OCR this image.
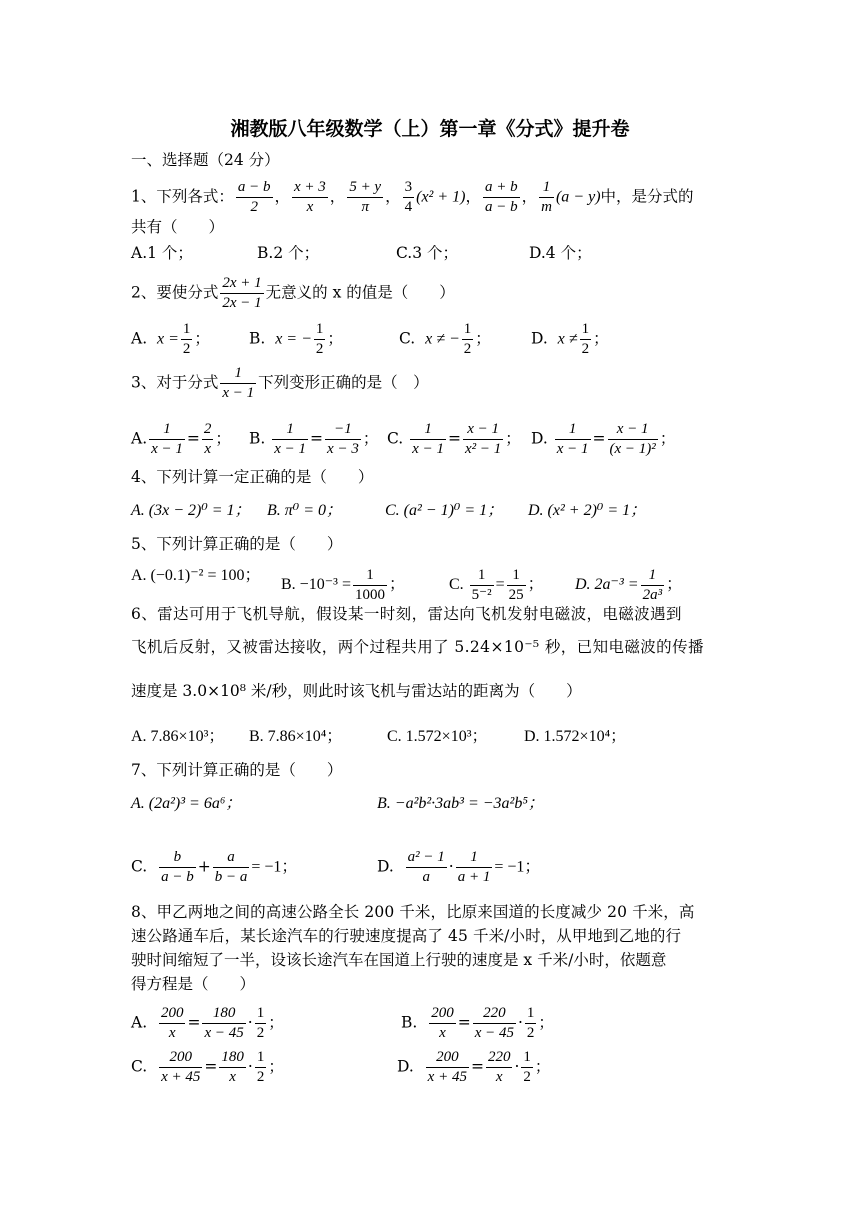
湘教版八年级数学（上）第一章《分式》提升卷
一、选择题（24 分）
1、下列各式： $\frac{a - b}{2}$ ， $\frac{x + 3}{x}$ ， $\frac{5 + y}{\pi}$ ， $\frac{3}{4} (x^2 + 1)$， $\frac{a + b}{a - b}$ ， $\frac{1}{m} (a - y)$中，是分式的
共有（　　）
A.1 个；	B.2 个；	C.3 个；	D.4 个；
2、要使分式 $\frac{2x + 1}{2x - 1}$ 无意义的 x 的值是（　　）
A. $x = \frac{1}{2}$ ；	B. x = − $\frac{1}{2}$ ；	C. x ≠ − $\frac{1}{2}$ ；	D. $x \ne \frac{1}{2}$ ；
3、对于分式 $\frac{1}{x - 1}$ 下列变形正确的是（　）
A. $\frac{1}{x - 1} = \frac{2}{x}$ ； B. $\frac{1}{x - 1} = \frac{-1}{x - 3}$ ； C. $\frac{1}{x - 1} = \frac{x - 1}{\text{x² − 1}}$ ； D. $\frac{1}{x - 1} = \frac{x - 1}{\text{(x − 1)²}}$ ；
4、下列计算一定正确的是（　　）
A. (3x − 2)⁰ = 1； B. π⁰ = 0；	C. (a² − 1)⁰ = 1； D. (x² + 2)⁰ = 1；
5、下列计算正确的是（　　）
A. (−0.1)⁻² = 100；
B. $-10^{-3} = \frac{1}{1000}$ ；	C. $\frac{1}{\text{5⁻²}} = \frac{1}{25}$ ； D. $2a^{-3} = \frac{1}{\text{2a³}}$ ；
6、雷达可用于飞机导航，假设某一时刻，雷达向飞机发射电磁波，电磁波遇到
飞机后反射，又被雷达接收，两个过程共用了 5.24×10⁻⁵ 秒，已知电磁波的传播
速度是 3.0×10⁸ 米/秒，则此时该飞机与雷达站的距离为（　　）
A. 7.86×10³； B. 7.86×10⁴；	C. 1.572×10³； D. 1.572×10⁴；
7、下列计算正确的是（　　）
A. (2a²)³ = 6a⁶；	B. −a²b²·3ab³ = −3a²b⁵；
C. $\frac{b}{a - b} + \frac{a}{b - a} = -1$；	D. $\frac{\text{a² − 1}}{a} \cdot \frac{1}{a + 1} = -1$；
8、甲乙两地之间的高速公路全长 200 千米，比原来国道的长度减少 20 千米，高
速公路通车后，某长途汽车的行驶速度提高了 45 千米/小时，从甲地到乙地的行
驶时间缩短了一半，设该长途汽车在国道上行驶的速度是 x 千米/小时，依题意
得方程是（　　）
A. $\frac{200}{x} = \frac{180}{x - 45} \cdot \frac{1}{2}$ ；	B. $\frac{200}{x} = \frac{220}{x - 45} \cdot \frac{1}{2}$ ；
C. $\frac{200}{x + 45} = \frac{180}{x} \cdot \frac{1}{2}$ ；	D. $\frac{200}{x + 45} = \frac{220}{x} \cdot \frac{1}{2}$ ；
